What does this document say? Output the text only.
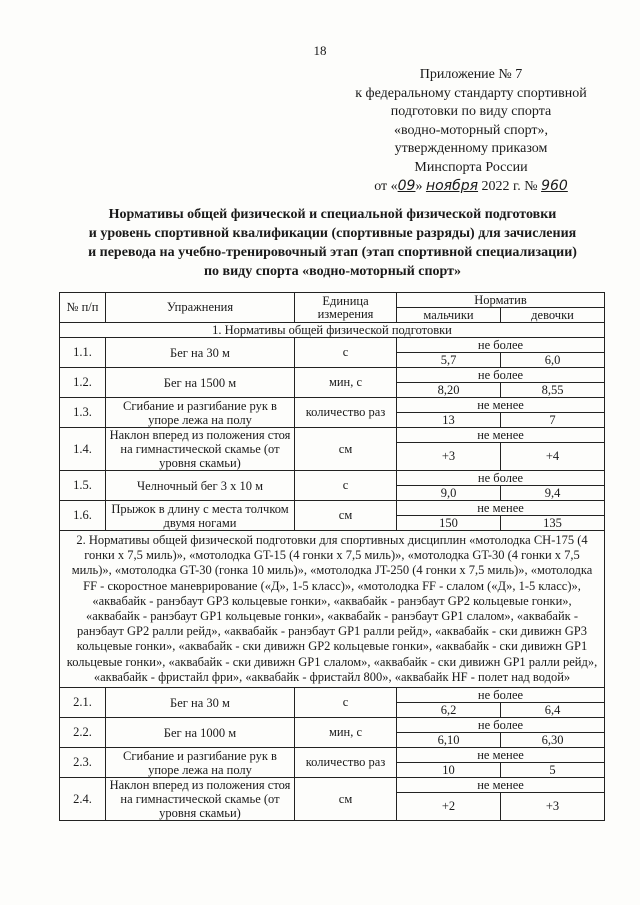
18
Приложение № 7
к федеральному стандарту спортивной
подготовки по виду спорта
«водно-моторный спорт»,
утвержденному приказом
Минспорта России
от «09» ноября 2022 г. № 960
Нормативы общей физической и специальной физической подготовки
и уровень спортивной квалификации (спортивные разряды) для зачисления
и перевода на учебно-тренировочный этап (этап спортивной специализации)
по виду спорта «водно-моторный спорт»
№ п/п	Упражнения	Единица измерения	Норматив	
			мальчики	девочки
1. Нормативы общей физической подготовки				
1.1.	Бег на 30 м	с	не более	
			5,7	6,0
1.2.	Бег на 1500 м	мин, с	не более	
			8,20	8,55
1.3.	Сгибание и разгибание рук в упоре лежа на полу	количество раз	не менее	
			13	7
1.4.	Наклон вперед из положения стоя на гимнастической скамье (от уровня скамьи)	см	не менее	
			+3	+4
1.5.	Челночный бег 3 х 10 м	с	не более	
			9,0	9,4
1.6.	Прыжок в длину с места толчком двумя ногами	см	не менее	
			150	135
2. Нормативы общей физической подготовки для спортивных дисциплин «мотолодка СН-175 (4 гонки х 7,5 миль)», «мотолодка GT-15 (4 гонки х 7,5 миль)», «мотолодка GT-30 (4 гонки х 7,5 миль)», «мотолодка GT-30 (гонка 10 миль)», «мотолодка JT-250 (4 гонки х 7,5 миль)», «мотолодка FF - скоростное маневрирование («Д», 1-5 класс)», «мотолодка FF - слалом («Д», 1-5 класс)», «аквабайк - ранэбаут GP3 кольцевые гонки», «аквабайк - ранэбаут GP2 кольцевые гонки», «аквабайк - ранэбаут GP1 кольцевые гонки», «аквабайк - ранэбаут GP1 слалом», «аквабайк - ранэбаут GP2 ралли рейд», «аквабайк - ранэбаут GP1 ралли рейд», «аквабайк - ски дивижн GP3 кольцевые гонки», «аквабайк - ски дивижн GP2 кольцевые гонки», «аквабайк - ски дивижн GP1 кольцевые гонки», «аквабайк - ски дивижн GP1 слалом», «аквабайк - ски дивижн GP1 ралли рейд», «аквабайк - фристайл фри», «аквабайк - фристайл 800», «аквабайк HF - полет над водой»				
2.1.	Бег на 30 м	с	не более	
			6,2	6,4
2.2.	Бег на 1000 м	мин, с	не более	
			6,10	6,30
2.3.	Сгибание и разгибание рук в упоре лежа на полу	количество раз	не менее	
			10	5
2.4.	Наклон вперед из положения стоя на гимнастической скамье (от уровня скамьи)	см	не менее	
			+2	+3
